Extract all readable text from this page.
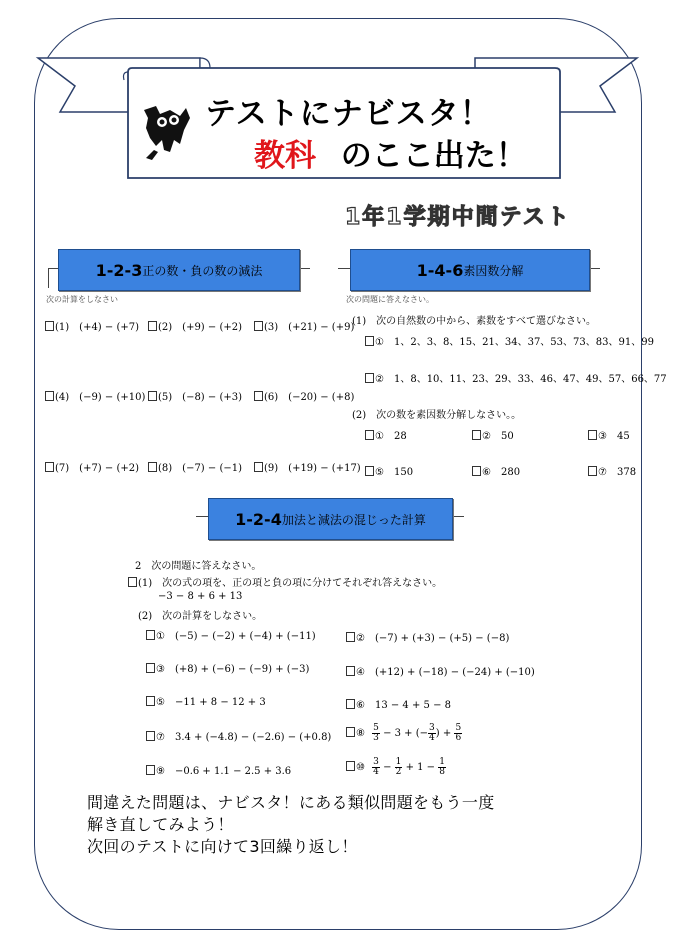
テストにナビスタ！
教科 のここ出た！
1年1学期中間テスト
1-2-3 正の数・負の数の減法	1-4-6 素因数分解
次の計算をしなさい
(1)　(+4) − (+7)	(2)　(+9) − (+2)	(3)　(+21) − (+9)
(4)　(−9) − (+10)	(5)　(−8) − (+3)	(6)　(−20) − (+8)
(7)　(+7) − (+2)	(8)　(−7) − (−1)	(9)　(+19) − (+17)
次の問題に答えなさい。
(1)　次の自然数の中から、素数をすべて選びなさい。
①　1、2、3、8、15、21、34、37、53、73、83、91、99
②　1、8、10、11、23、29、33、46、47、49、57、66、77
(2)　次の数を素因数分解しなさい。。
①　28	②　50	③　45
⑤　150	⑥　280	⑦　378
1-2-4 加法と減法の混じった計算
2　次の問題に答えなさい。
(1)　次の式の項を、正の項と負の項に分けてそれぞれ答えなさい。
−3 − 8 + 6 + 13
(2)　次の計算をしなさい。
①　(−5) − (−2) + (−4) + (−11)	②　(−7) + (+3) − (+5) − (−8)
③　(+8) + (−6) − (−9) + (−3)	④　(+12) + (−18) − (−24) + (−10)
⑤　−11 + 8 − 12 + 3	⑥　13 − 4 + 5 − 8
⑦　3.4 + (−4.8) − (−2.6) − (+0.8)	⑧ $\frac{5}{3} - 3$ + (− $\frac{3}{4}$ ) + $\frac{5}{6}$
⑨　−0.6 + 1.1 − 2.5 + 3.6	⑩ $\frac{3}{4} - \frac{1}{2} + 1 - \frac{1}{8}$
間違えた問題は、ナビスタ！にある類似問題をもう一度
解き直してみよう！
次回のテストに向けて3回繰り返し！
